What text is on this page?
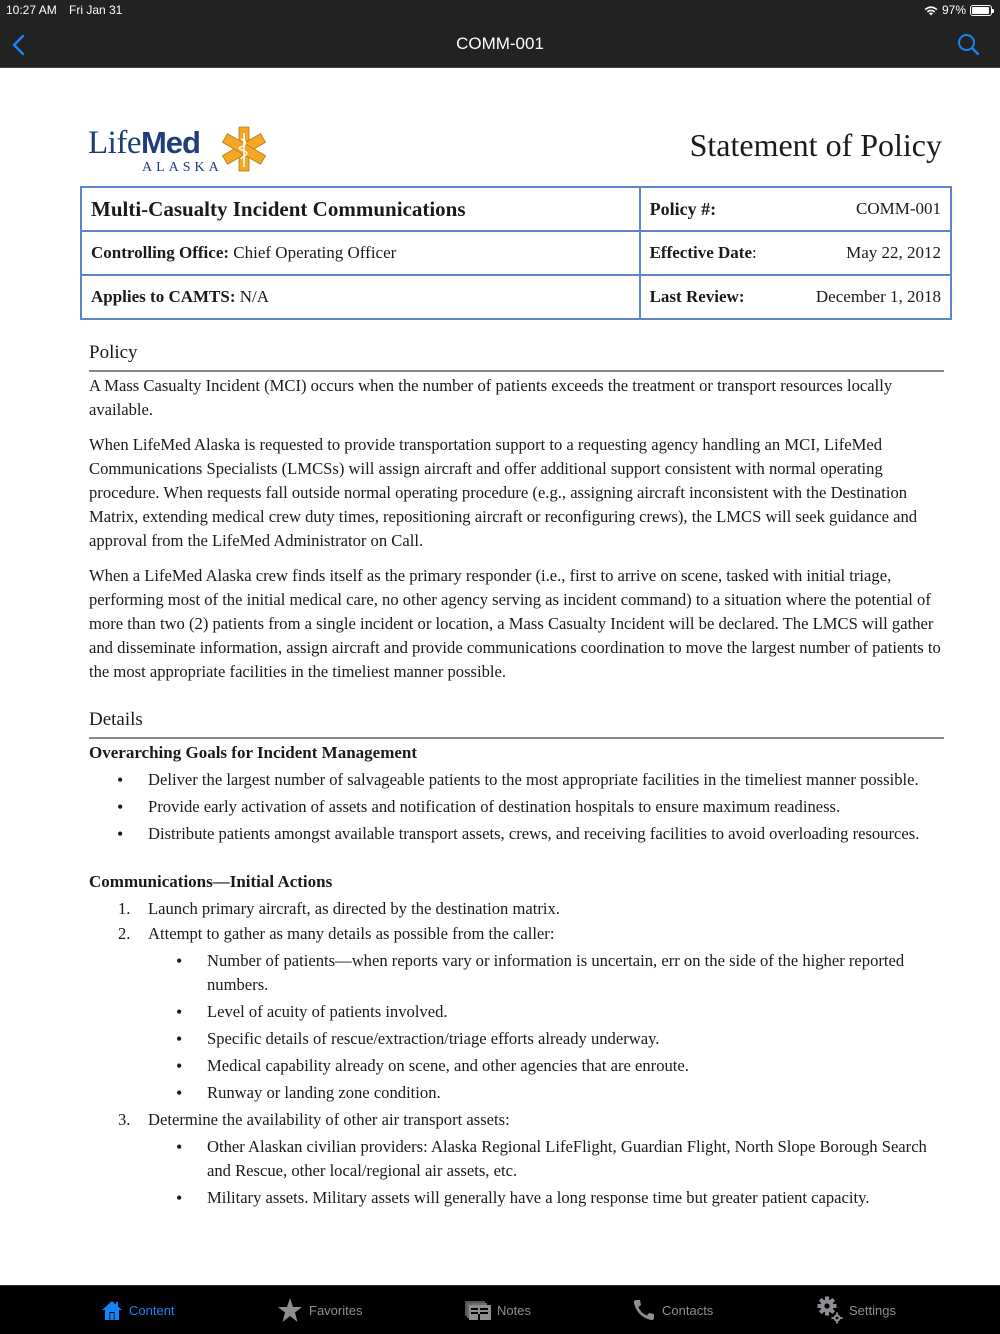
10:27 AM Fri Jan 31	97%
COMM-001
LifeMed
ALASKA
Statement of Policy
Multi-Casualty Incident Communications	Policy #: COMM-001

Controlling Office: Chief Operating Officer	Effective Date: May 22, 2012

Applies to CAMTS: N/A	Last Review: December 1, 2018
Policy

A Mass Casualty Incident (MCI) occurs when the number of patients exceeds the treatment or transport resources locally available.

When LifeMed Alaska is requested to provide transportation support to a requesting agency handling an MCI, LifeMed Communications Specialists (LMCSs) will assign aircraft and offer additional support consistent with normal operating procedure. When requests fall outside normal operating procedure (e.g., assigning aircraft inconsistent with the Destination Matrix, extending medical crew duty times, repositioning aircraft or reconfiguring crews), the LMCS will seek guidance and approval from the LifeMed Administrator on Call.

When a LifeMed Alaska crew finds itself as the primary responder (i.e., first to arrive on scene, tasked with initial triage, performing most of the initial medical care, no other agency serving as incident command) to a situation where the potential of more than two (2) patients from a single incident or location, a Mass Casualty Incident will be declared. The LMCS will gather and disseminate information, assign aircraft and provide communications coordination to move the largest number of patients to the most appropriate facilities in the timeliest manner possible.

Details
Overarching Goals for Incident Management
• Deliver the largest number of salvageable patients to the most appropriate facilities in the timeliest manner possible.
• Provide early activation of assets and notification of destination hospitals to ensure maximum readiness.
• Distribute patients amongst available transport assets, crews, and receiving facilities to avoid overloading resources.
Communications—Initial Actions
1. Launch primary aircraft, as directed by the destination matrix.
2. Attempt to gather as many details as possible from the caller:
• Number of patients—when reports vary or information is uncertain, err on the side of the higher reported numbers.
• Level of acuity of patients involved.
• Specific details of rescue/extraction/triage efforts already underway.
• Medical capability already on scene, and other agencies that are enroute.
• Runway or landing zone condition.
3. Determine the availability of other air transport assets:
• Other Alaskan civilian providers: Alaska Regional LifeFlight, Guardian Flight, North Slope Borough Search and Rescue, other local/regional air assets, etc.
• Military assets. Military assets will generally have a long response time but greater patient capacity.
Content	Favorites	Notes	Contacts	Settings
